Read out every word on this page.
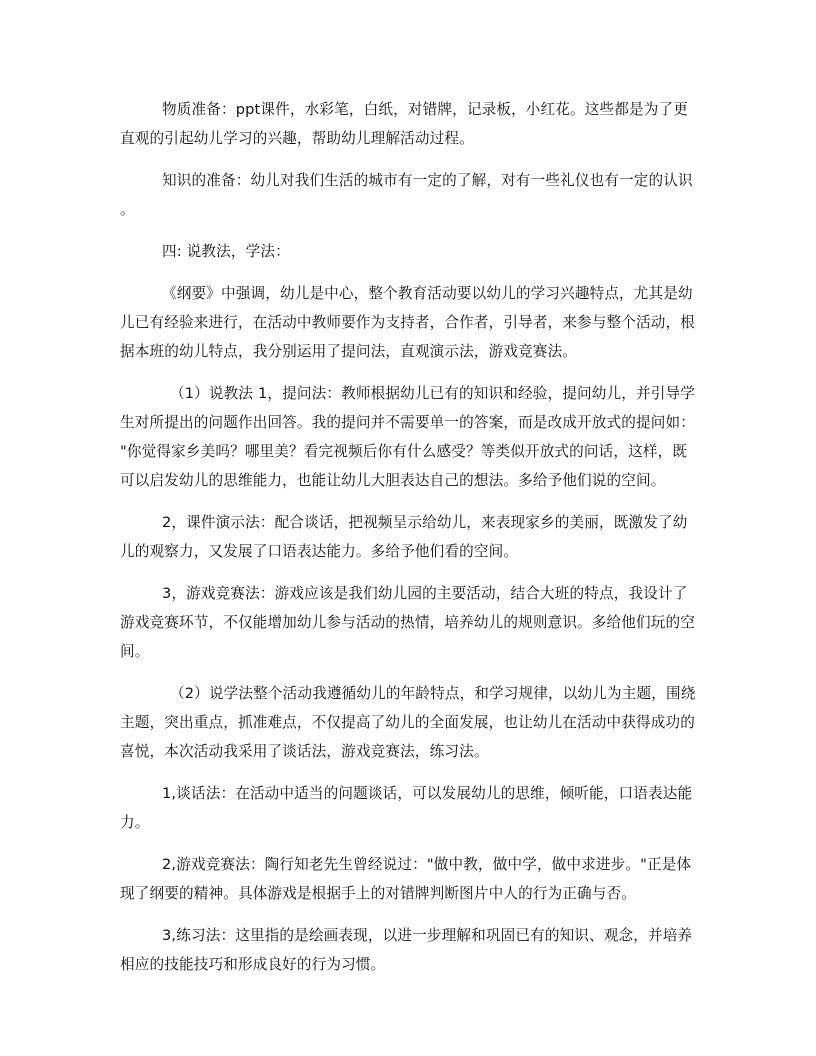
物质准备：ppt课件，水彩笔，白纸，对错牌，记录板，小红花。这些都是为了更直观的引起幼儿学习的兴趣，帮助幼儿理解活动过程。

知识的准备：幼儿对我们生活的城市有一定的了解，对有一些礼仪也有一定的认识。

四: 说教法，学法：

《纲要》中强调，幼儿是中心，整个教育活动要以幼儿的学习兴趣特点，尤其是幼儿已有经验来进行，在活动中教师要作为支持者，合作者，引导者，来参与整个活动，根据本班的幼儿特点，我分别运用了提问法，直观演示法，游戏竞赛法。

（1）说教法 1，提问法：教师根据幼儿已有的知识和经验，提问幼儿，并引导学生对所提出的问题作出回答。我的提问并不需要单一的答案，而是改成开放式的提问如："你觉得家乡美吗？哪里美？看完视频后你有什么感受？等类似开放式的问话，这样，既可以启发幼儿的思维能力，也能让幼儿大胆表达自己的想法。多给予他们说的空间。

2，课件演示法：配合谈话，把视频呈示给幼儿，来表现家乡的美丽，既激发了幼儿的观察力，又发展了口语表达能力。多给予他们看的空间。

3，游戏竞赛法：游戏应该是我们幼儿园的主要活动，结合大班的特点，我设计了游戏竞赛环节，不仅能增加幼儿参与活动的热情，培养幼儿的规则意识。多给他们玩的空间。

（2）说学法整个活动我遵循幼儿的年龄特点，和学习规律，以幼儿为主题，围绕主题，突出重点，抓准难点，不仅提高了幼儿的全面发展，也让幼儿在活动中获得成功的喜悦，本次活动我采用了谈话法，游戏竞赛法，练习法。

1,谈话法：在活动中适当的问题谈话，可以发展幼儿的思维，倾听能，口语表达能力。

2,游戏竞赛法：陶行知老先生曾经说过："做中教，做中学，做中求进步。"正是体现了纲要的精神。具体游戏是根据手上的对错牌判断图片中人的行为正确与否。

3,练习法：这里指的是绘画表现，以进一步理解和巩固已有的知识、观念，并培养相应的技能技巧和形成良好的行为习惯。
